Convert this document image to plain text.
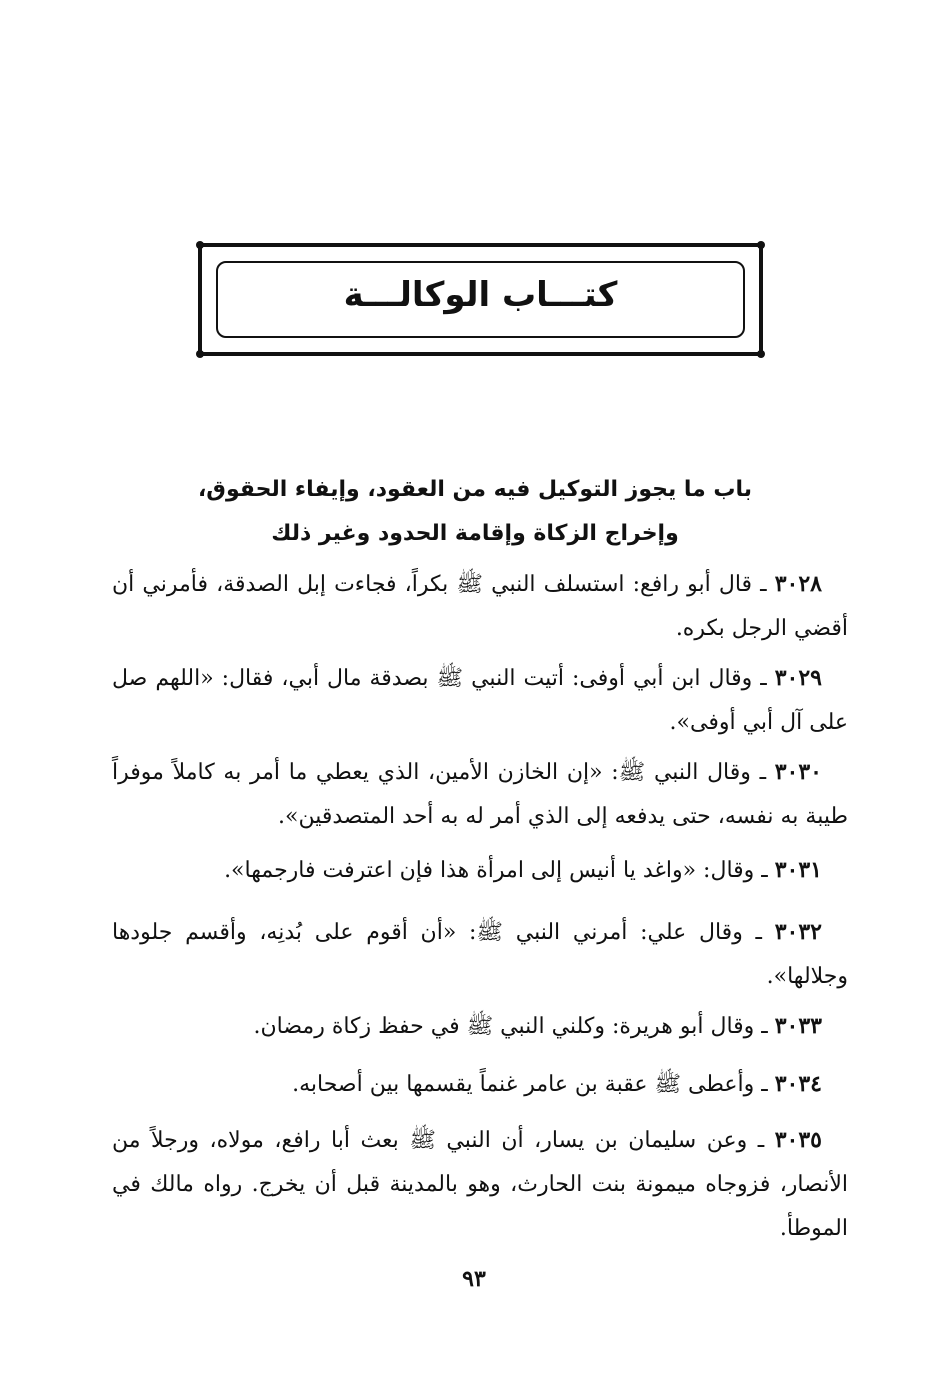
كتـــاب الوكالـــة
باب ما يجوز التوكيل فيه من العقود، وإيفاء الحقوق،
وإخراج الزكاة وإقامة الحدود وغير ذلك

٣٠٢٨ ـ قال أبو رافع: استسلف النبي ﷺ بكراً، فجاءت إبل الصدقة، فأمرني أن أقضي الرجل بكره.

٣٠٢٩ ـ وقال ابن أبي أوفى: أتيت النبي ﷺ بصدقة مال أبي، فقال: «اللهم صل على آل أبي أوفى».

٣٠٣٠ ـ وقال النبي ﷺ: «إن الخازن الأمين، الذي يعطي ما أمر به كاملاً موفراً طيبة به نفسه، حتى يدفعه إلى الذي أمر له به أحد المتصدقين».

٣٠٣١ ـ وقال: «واغد يا أنيس إلى امرأة هذا فإن اعترفت فارجمها».

٣٠٣٢ ـ وقال علي: أمرني النبي ﷺ: «أن أقوم على بُدنِه، وأقسم جلودها وجلالها».

٣٠٣٣ ـ وقال أبو هريرة: وكلني النبي ﷺ في حفظ زكاة رمضان.

٣٠٣٤ ـ وأعطى ﷺ عقبة بن عامر غنماً يقسمها بين أصحابه.

٣٠٣٥ ـ وعن سليمان بن يسار، أن النبي ﷺ بعث أبا رافع، مولاه، ورجلاً من الأنصار، فزوجاه ميمونة بنت الحارث، وهو بالمدينة قبل أن يخرج. رواه مالك في الموطأ.

٩٣
